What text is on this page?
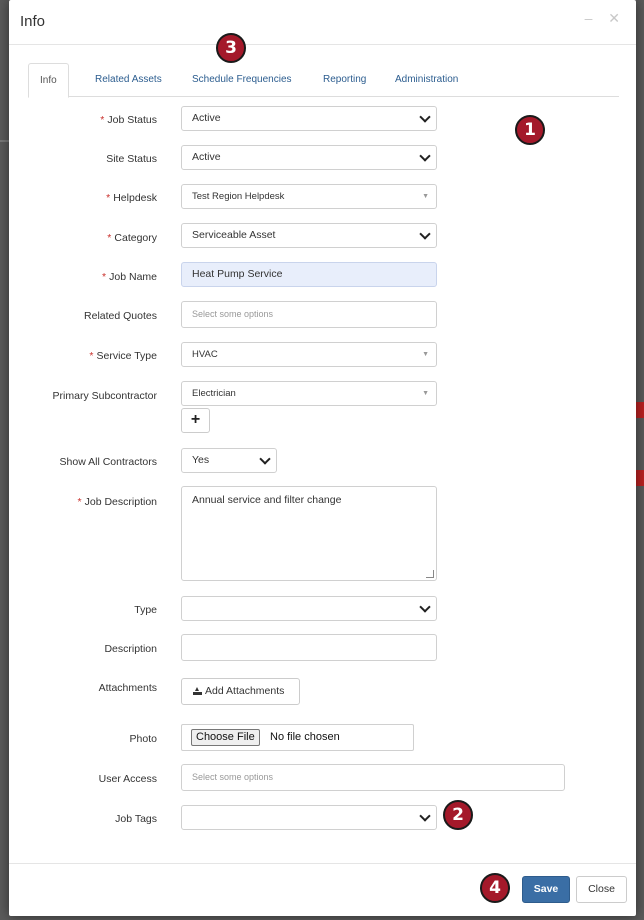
Info	– ✕
Info	Related Assets	Schedule Frequencies	Reporting	Administration
* Job Status	Active
Site Status	Active
* Helpdesk	Test Region Helpdesk	▼
* Category	Serviceable Asset
* Job Name	Heat Pump Service
Related Quotes	Select some options
* Service Type	HVAC	▼
Primary Subcontractor	Electrician	▼
+
Show All Contractors	Yes
* Job Description	Annual service and filter change
Type
Description
Attachments	Add Attachments
Photo	Choose File	No file chosen
User Access	Select some options
Job Tags
Save	Close
1
2
3
4
